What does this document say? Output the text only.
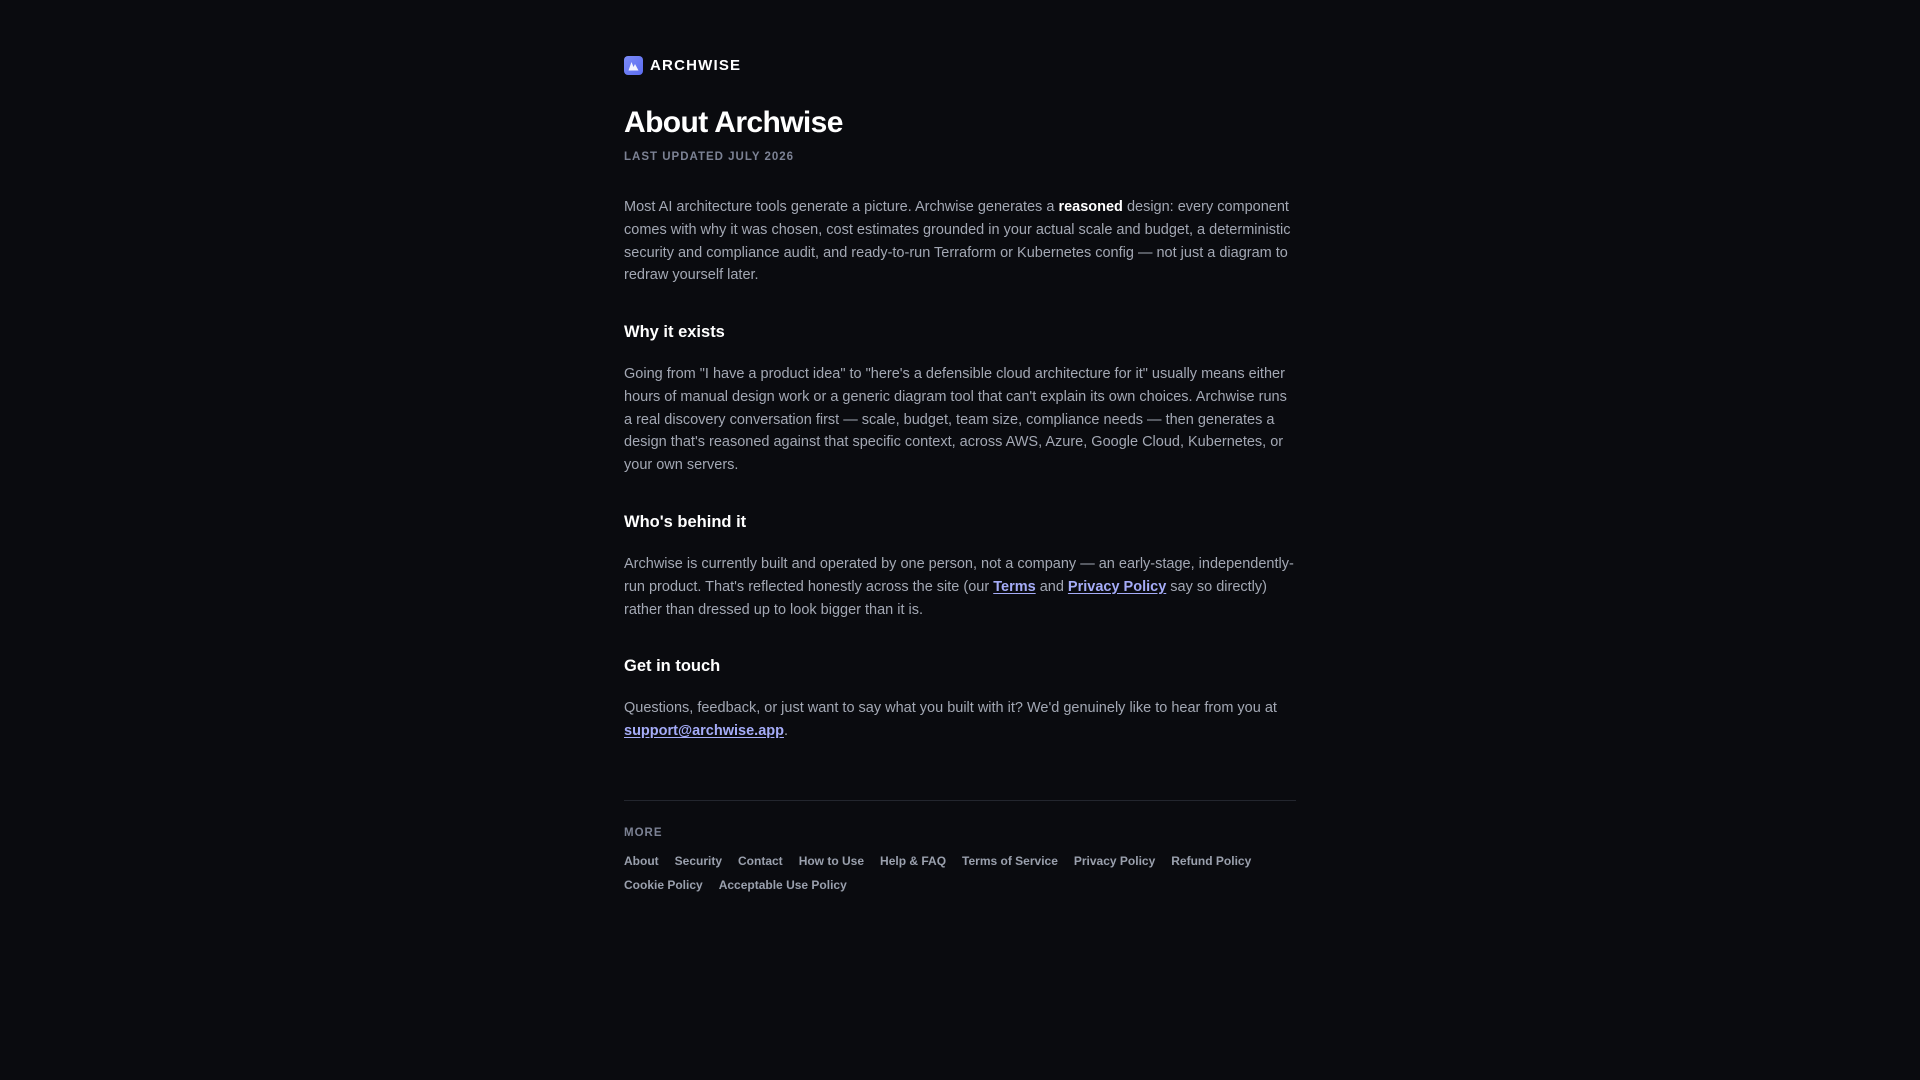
ARCHWISE
About Archwise
LAST UPDATED JULY 2026

Most AI architecture tools generate a picture. Archwise generates a reasoned design: every component comes with why it was chosen, cost estimates grounded in your actual scale and budget, a deterministic security and compliance audit, and ready-to-run Terraform or Kubernetes config — not just a diagram to redraw yourself later.

Why it exists

Going from "I have a product idea" to "here's a defensible cloud architecture for it" usually means either hours of manual design work or a generic diagram tool that can't explain its own choices. Archwise runs a real discovery conversation first — scale, budget, team size, compliance needs — then generates a design that's reasoned against that specific context, across AWS, Azure, Google Cloud, Kubernetes, or your own servers.

Who's behind it

Archwise is currently built and operated by one person, not a company — an early-stage, independently-run product. That's reflected honestly across the site (our Terms and Privacy Policy say so directly) rather than dressed up to look bigger than it is.

Get in touch

Questions, feedback, or just want to say what you built with it? We'd genuinely like to hear from you at support@archwise.app.

MORE
About Security Contact How to Use Help & FAQ Terms of Service Privacy Policy Refund Policy
Cookie Policy Acceptable Use Policy
